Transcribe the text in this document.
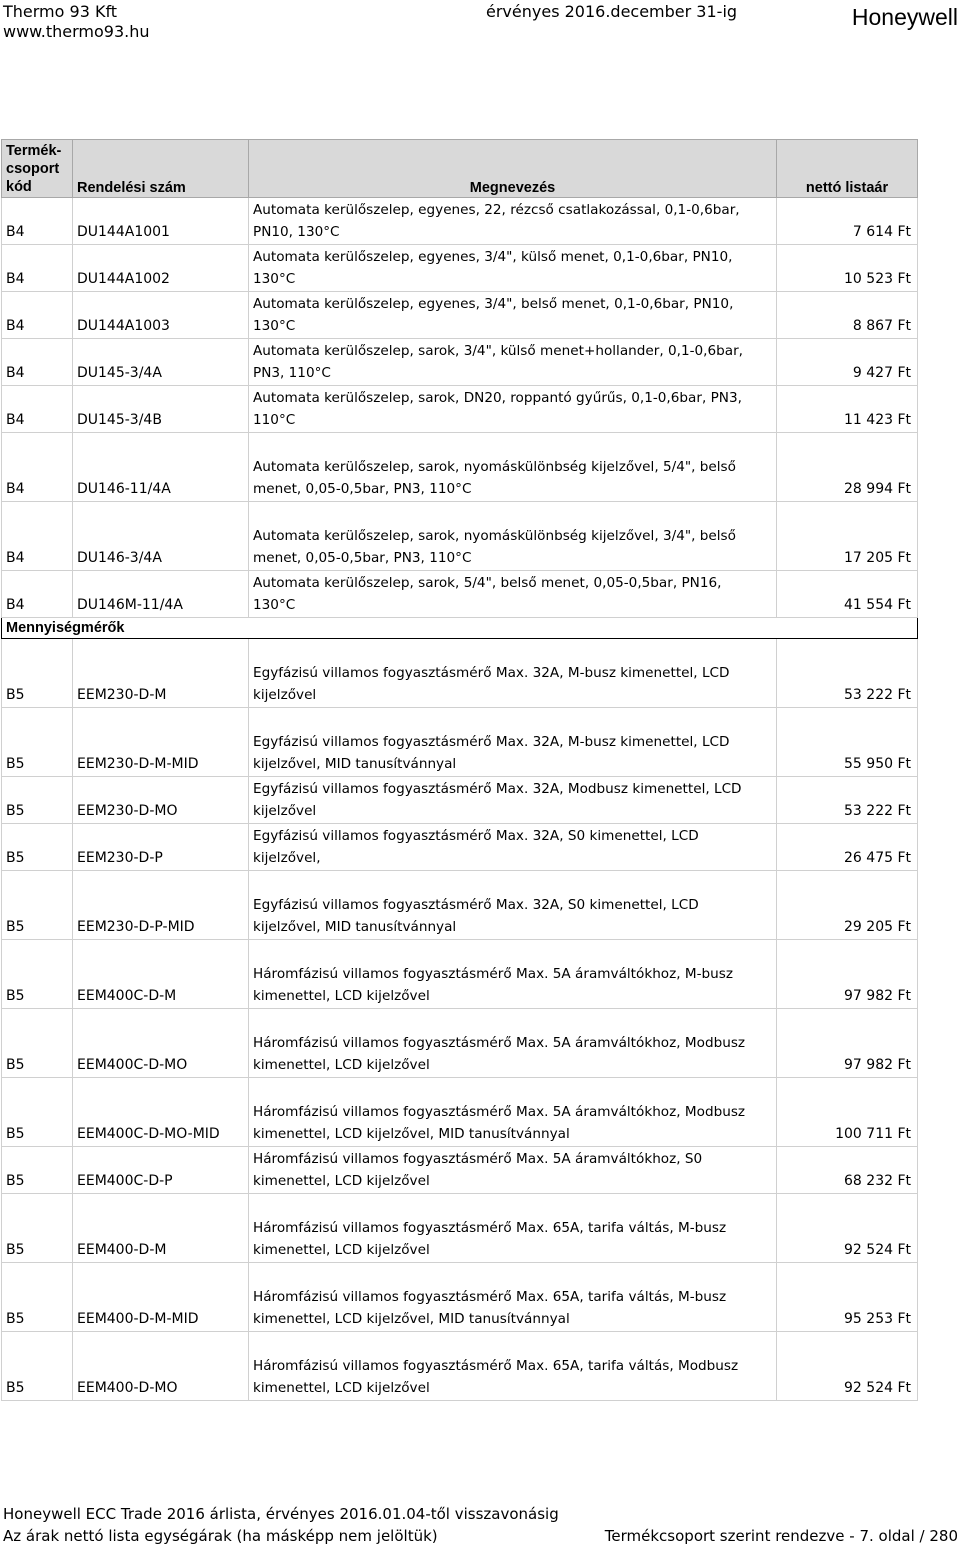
Thermo 93 Kft
www.thermo93.hu
érvényes 2016.december 31-ig	Honeywell
Termék-
csoport
kód	Rendelési szám	Megnevezés	nettó listaár
B4	DU144A1001	Automata kerülőszelep, egyenes, 22, rézcső csatlakozással, 0,1-0,6bar,
PN10, 130°C	7 614 Ft
B4	DU144A1002	Automata kerülőszelep, egyenes, 3/4", külső menet, 0,1-0,6bar, PN10,
130°C	10 523 Ft
B4	DU144A1003	Automata kerülőszelep, egyenes, 3/4", belső menet, 0,1-0,6bar, PN10,
130°C	8 867 Ft
B4	DU145-3/4A	Automata kerülőszelep, sarok, 3/4", külső menet+hollander, 0,1-0,6bar,
PN3, 110°C	9 427 Ft
B4	DU145-3/4B	Automata kerülőszelep, sarok, DN20, roppantó gyűrűs, 0,1-0,6bar, PN3,
110°C	11 423 Ft
B4	DU146-11/4A	Automata kerülőszelep, sarok, nyomáskülönbség kijelzővel, 5/4", belső
menet, 0,05-0,5bar, PN3, 110°C	28 994 Ft
B4	DU146-3/4A	Automata kerülőszelep, sarok, nyomáskülönbség kijelzővel, 3/4", belső
menet, 0,05-0,5bar, PN3, 110°C	17 205 Ft
B4	DU146M-11/4A	Automata kerülőszelep, sarok, 5/4", belső menet, 0,05-0,5bar, PN16,
130°C	41 554 Ft
Mennyiségmérők			
B5	EEM230-D-M	Egyfázisú villamos fogyasztásmérő Max. 32A, M-busz kimenettel, LCD
kijelzővel	53 222 Ft
B5	EEM230-D-M-MID	Egyfázisú villamos fogyasztásmérő Max. 32A, M-busz kimenettel, LCD
kijelzővel, MID tanusítvánnyal	55 950 Ft
B5	EEM230-D-MO	Egyfázisú villamos fogyasztásmérő Max. 32A, Modbusz kimenettel, LCD
kijelzővel	53 222 Ft
B5	EEM230-D-P	Egyfázisú villamos fogyasztásmérő Max. 32A, S0 kimenettel, LCD
kijelzővel,	26 475 Ft
B5	EEM230-D-P-MID	Egyfázisú villamos fogyasztásmérő Max. 32A, S0 kimenettel, LCD
kijelzővel, MID tanusítvánnyal	29 205 Ft
B5	EEM400C-D-M	Háromfázisú villamos fogyasztásmérő Max. 5A áramváltókhoz, M-busz
kimenettel, LCD kijelzővel	97 982 Ft
B5	EEM400C-D-MO	Háromfázisú villamos fogyasztásmérő Max. 5A áramváltókhoz, Modbusz
kimenettel, LCD kijelzővel	97 982 Ft
B5	EEM400C-D-MO-MID	Háromfázisú villamos fogyasztásmérő Max. 5A áramváltókhoz, Modbusz
kimenettel, LCD kijelzővel, MID tanusítvánnyal	100 711 Ft
B5	EEM400C-D-P	Háromfázisú villamos fogyasztásmérő Max. 5A áramváltókhoz, S0
kimenettel, LCD kijelzővel	68 232 Ft
B5	EEM400-D-M	Háromfázisú villamos fogyasztásmérő Max. 65A, tarifa váltás, M-busz
kimenettel, LCD kijelzővel	92 524 Ft
B5	EEM400-D-M-MID	Háromfázisú villamos fogyasztásmérő Max. 65A, tarifa váltás, M-busz
kimenettel, LCD kijelzővel, MID tanusítvánnyal	95 253 Ft
B5	EEM400-D-MO	Háromfázisú villamos fogyasztásmérő Max. 65A, tarifa váltás, Modbusz
kimenettel, LCD kijelzővel	92 524 Ft
Honeywell ECC Trade 2016 árlista, érvényes 2016.01.04-től visszavonásig
Az árak nettó lista egységárak (ha másképp nem jelöltük)	Termékcsoport szerint rendezve - 7. oldal / 280
